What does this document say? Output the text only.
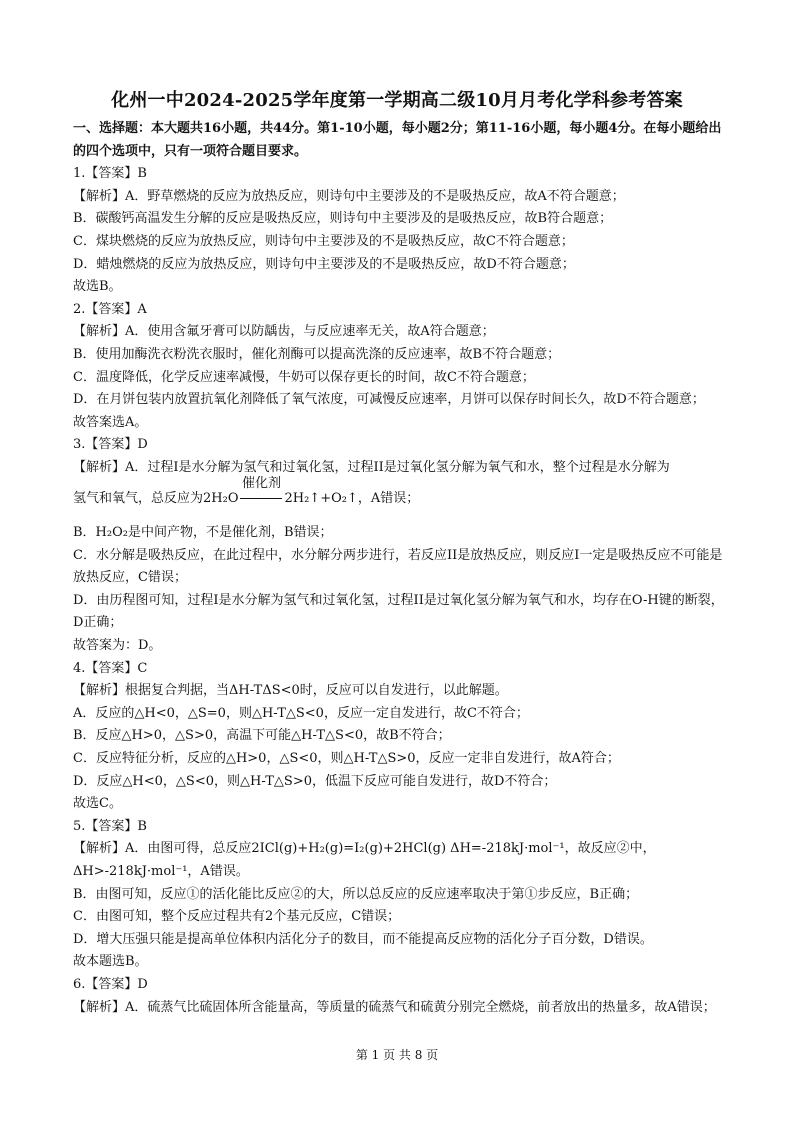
化州一中2024-2025学年度第一学期高二级10月月考化学科参考答案

一、选择题：本大题共16小题，共44分。第1-10小题，每小题2分；第11-16小题，每小题4分。在每小题给出的四个选项中，只有一项符合题目要求。

1.【答案】B

【解析】A．野草燃烧的反应为放热反应，则诗句中主要涉及的不是吸热反应，故A不符合题意；

B．碳酸钙高温发生分解的反应是吸热反应，则诗句中主要涉及的是吸热反应，故B符合题意；

C．煤块燃烧的反应为放热反应，则诗句中主要涉及的不是吸热反应，故C不符合题意；

D．蜡烛燃烧的反应为放热反应，则诗句中主要涉及的不是吸热反应，故D不符合题意；

故选B。

2.【答案】A

【解析】A．使用含氟牙膏可以防龋齿，与反应速率无关，故A符合题意；

B．使用加酶洗衣粉洗衣服时，催化剂酶可以提高洗涤的反应速率，故B不符合题意；

C．温度降低，化学反应速率减慢，牛奶可以保存更长的时间，故C不符合题意；

D．在月饼包装内放置抗氧化剂降低了氧气浓度，可减慢反应速率，月饼可以保存时间长久，故D不符合题意；

故答案选A。

3.【答案】D

【解析】A．过程I是水分解为氢气和过氧化氢，过程II是过氧化氢分解为氧气和水，整个过程是水分解为

氢气和氧气，总反应为2H₂O
催化剂
2H₂↑+O₂↑，A错误；

B．H₂O₂是中间产物，不是催化剂，B错误；

C．水分解是吸热反应，在此过程中，水分解分两步进行，若反应II是放热反应，则反应I一定是吸热反应不可能是放热反应，C错误；

D．由历程图可知，过程I是水分解为氢气和过氧化氢，过程II是过氧化氢分解为氧气和水，均存在O-H键的断裂，D正确；

故答案为：D。

4.【答案】C

【解析】根据复合判据，当ΔH-TΔS<0时，反应可以自发进行，以此解题。

A．反应的△H<0，△S=0，则△H-T△S<0，反应一定自发进行，故C不符合；

B．反应△H>0，△S>0，高温下可能△H-T△S<0，故B不符合；

C．反应特征分析，反应的△H>0，△S<0，则△H-T△S>0，反应一定非自发进行，故A符合；

D．反应△H<0，△S<0，则△H-T△S>0，低温下反应可能自发进行，故D不符合；

故选C。

5.【答案】B

【解析】A．由图可得，总反应2ICl(g)+H₂(g)=I₂(g)+2HCl(g) ΔH=-218kJ·mol⁻¹，故反应②中，ΔH>-218kJ·mol⁻¹，A错误。

B．由图可知，反应①的活化能比反应②的大，所以总反应的反应速率取决于第①步反应，B正确；

C．由图可知，整个反应过程共有2个基元反应，C错误；

D．增大压强只能是提高单位体积内活化分子的数目，而不能提高反应物的活化分子百分数，D错误。

故本题选B。

6.【答案】D

【解析】A．硫蒸气比硫固体所含能量高，等质量的硫蒸气和硫黄分别完全燃烧，前者放出的热量多，故A错误；

第 1 页 共 8 页
